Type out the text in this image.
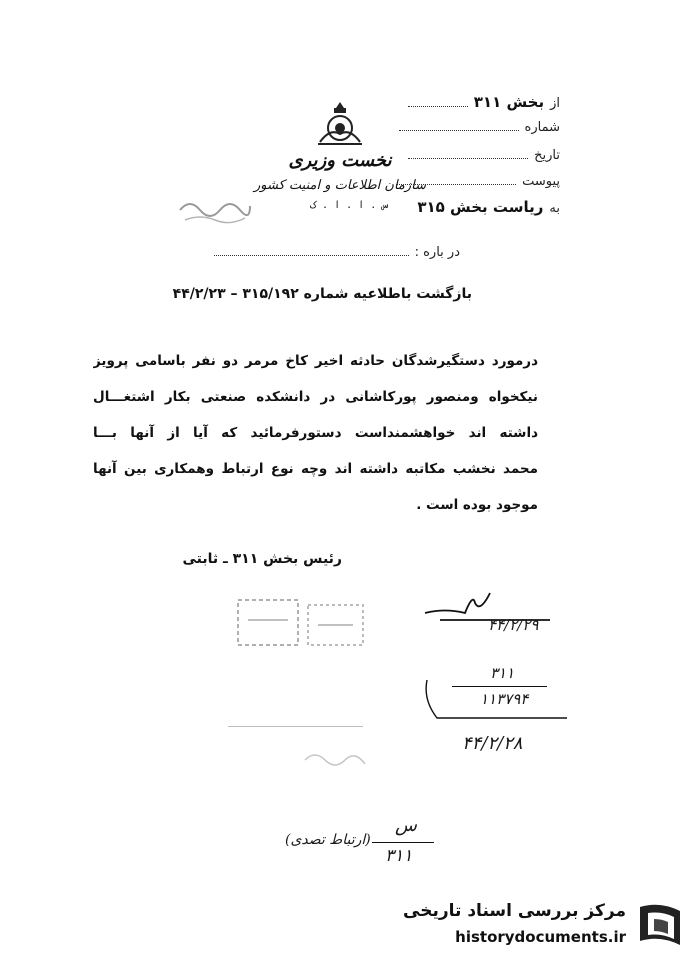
نخست وزیری
سازمان اطلاعات و امنیت کشور
س . ا . ا . ک
از
بخش ۳۱۱
شماره
تاریخ
پیوست
به
ریاست بخش ۳۱۵
در باره :
بازگشت باطلاعیه شماره ۳۱۵/۱۹۲ – ۴۴/۲/۲۳
درمورد دستگیرشدگان حادثه اخیر کاخ مرمر دو نفر باسامی پرویز
نیکخواه ومنصور پورکاشانی در دانشکده صنعتی بکار اشتغـــال
داشته اند خواهشمنداست دستورفرمائید که آیا از آنها بـــا
محمد نخشب مکاتبه داشته اند وچه نوع ارتباط وهمکاری بین آنها
موجود بوده است .
رئیس بخش ۳۱۱ ـ ثابتی
۴۴/۲/۲۹
۳۱۱
۱۱۳۷۹۴
۴۴/۲/۲۸
س
۳۱۱
(ارتباط تصدی)
مرکز بررسی اسناد تاریخی
historydocuments.ir
